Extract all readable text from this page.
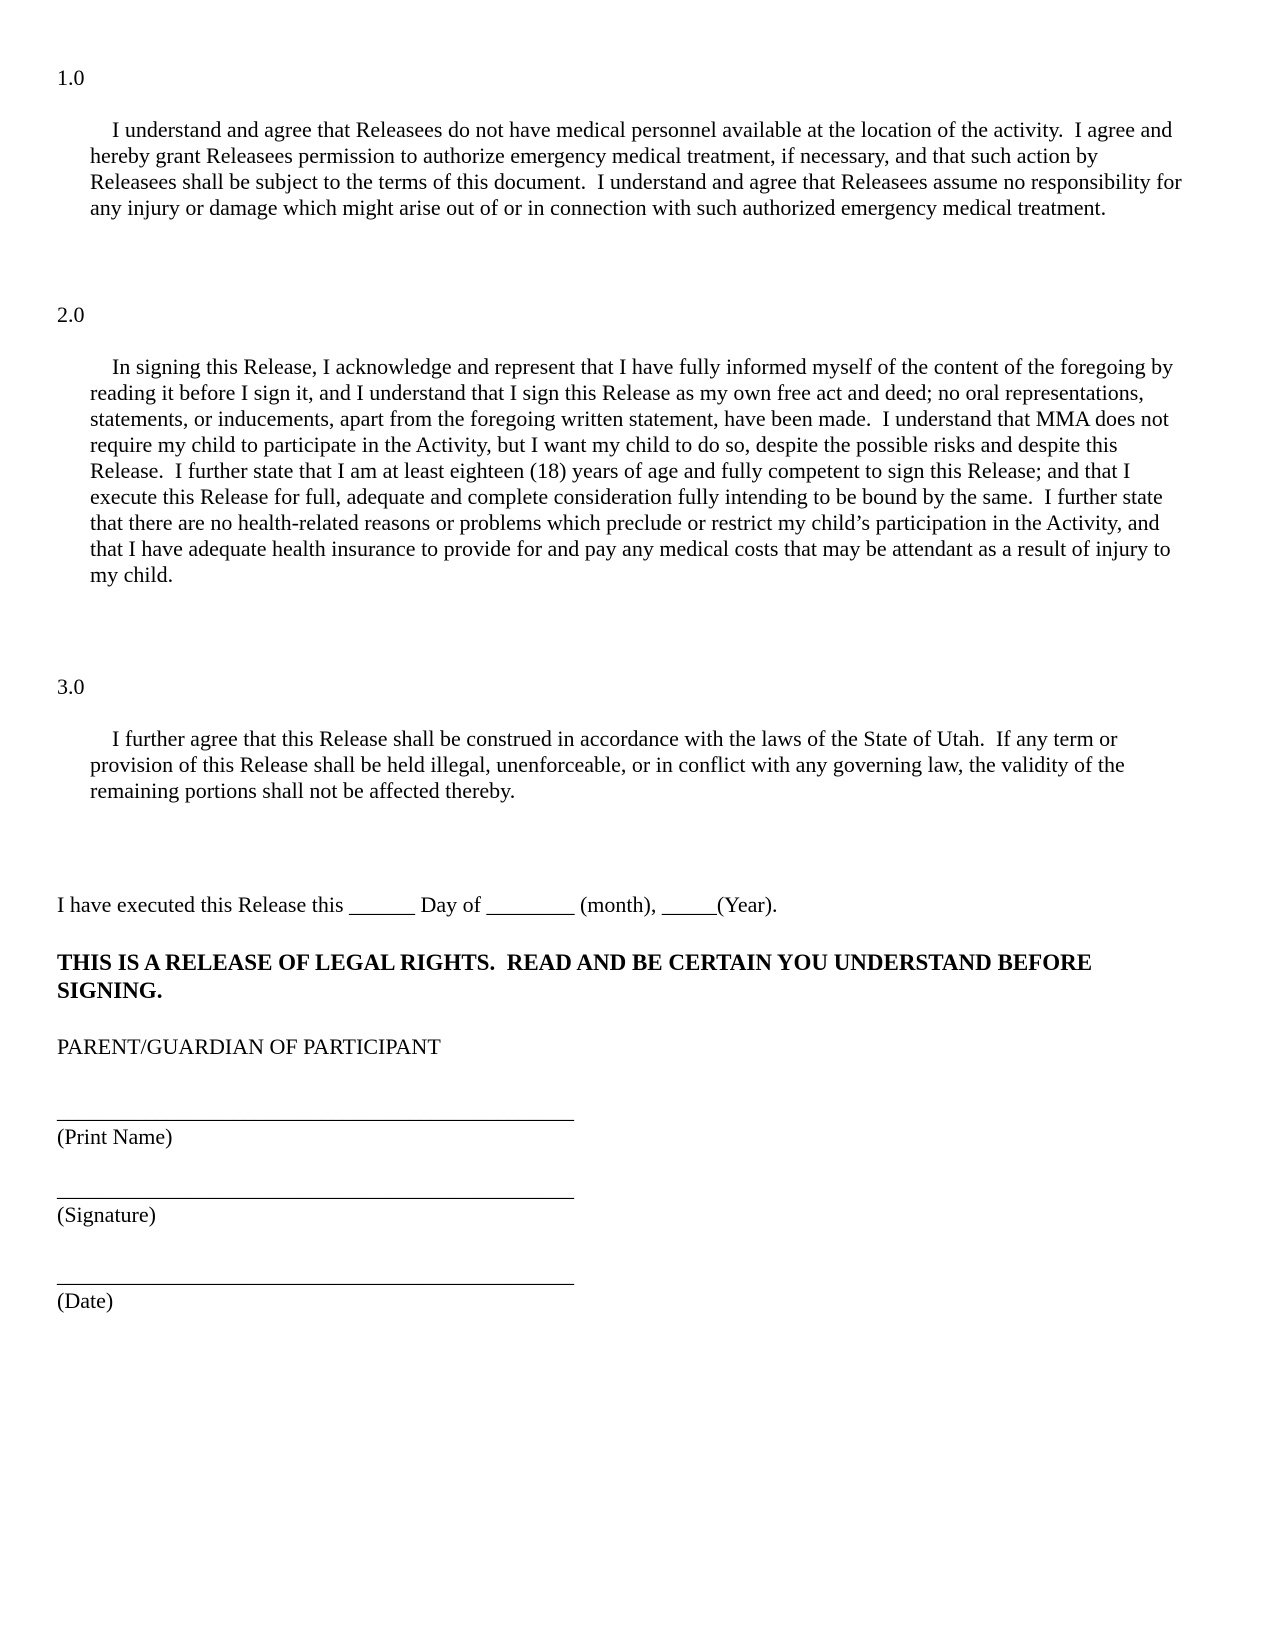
1.0

I understand and agree that Releasees do not have medical personnel available at the location of the activity.  I agree and hereby grant Releasees permission to authorize emergency medical treatment, if necessary, and that such action by Releasees shall be subject to the terms of this document.  I understand and agree that Releasees assume no responsibility for any injury or damage which might arise out of or in connection with such authorized emergency medical treatment.

2.0

In signing this Release, I acknowledge and represent that I have fully informed myself of the content of the foregoing by reading it before I sign it, and I understand that I sign this Release as my own free act and deed; no oral representations, statements, or inducements, apart from the foregoing written statement, have been made.  I understand that MMA does not require my child to participate in the Activity, but I want my child to do so, despite the possible risks and despite this Release.  I further state that I am at least eighteen (18) years of age and fully competent to sign this Release; and that I execute this Release for full, adequate and complete consideration fully intending to be bound by the same.  I further state that there are no health-related reasons or problems which preclude or restrict my child’s participation in the Activity, and that I have adequate health insurance to provide for and pay any medical costs that may be attendant as a result of injury to my child.

3.0

I further agree that this Release shall be construed in accordance with the laws of the State of Utah.  If any term or provision of this Release shall be held illegal, unenforceable, or in conflict with any governing law, the validity of the remaining portions shall not be affected thereby.

I have executed this Release this ______ Day of ________ (month), _____(Year).
THIS IS A RELEASE OF LEGAL RIGHTS.  READ AND BE CERTAIN YOU UNDERSTAND BEFORE SIGNING.
PARENT/GUARDIAN OF PARTICIPANT
_______________________________________________
(Print Name)
_______________________________________________
(Signature)
_______________________________________________
(Date)
